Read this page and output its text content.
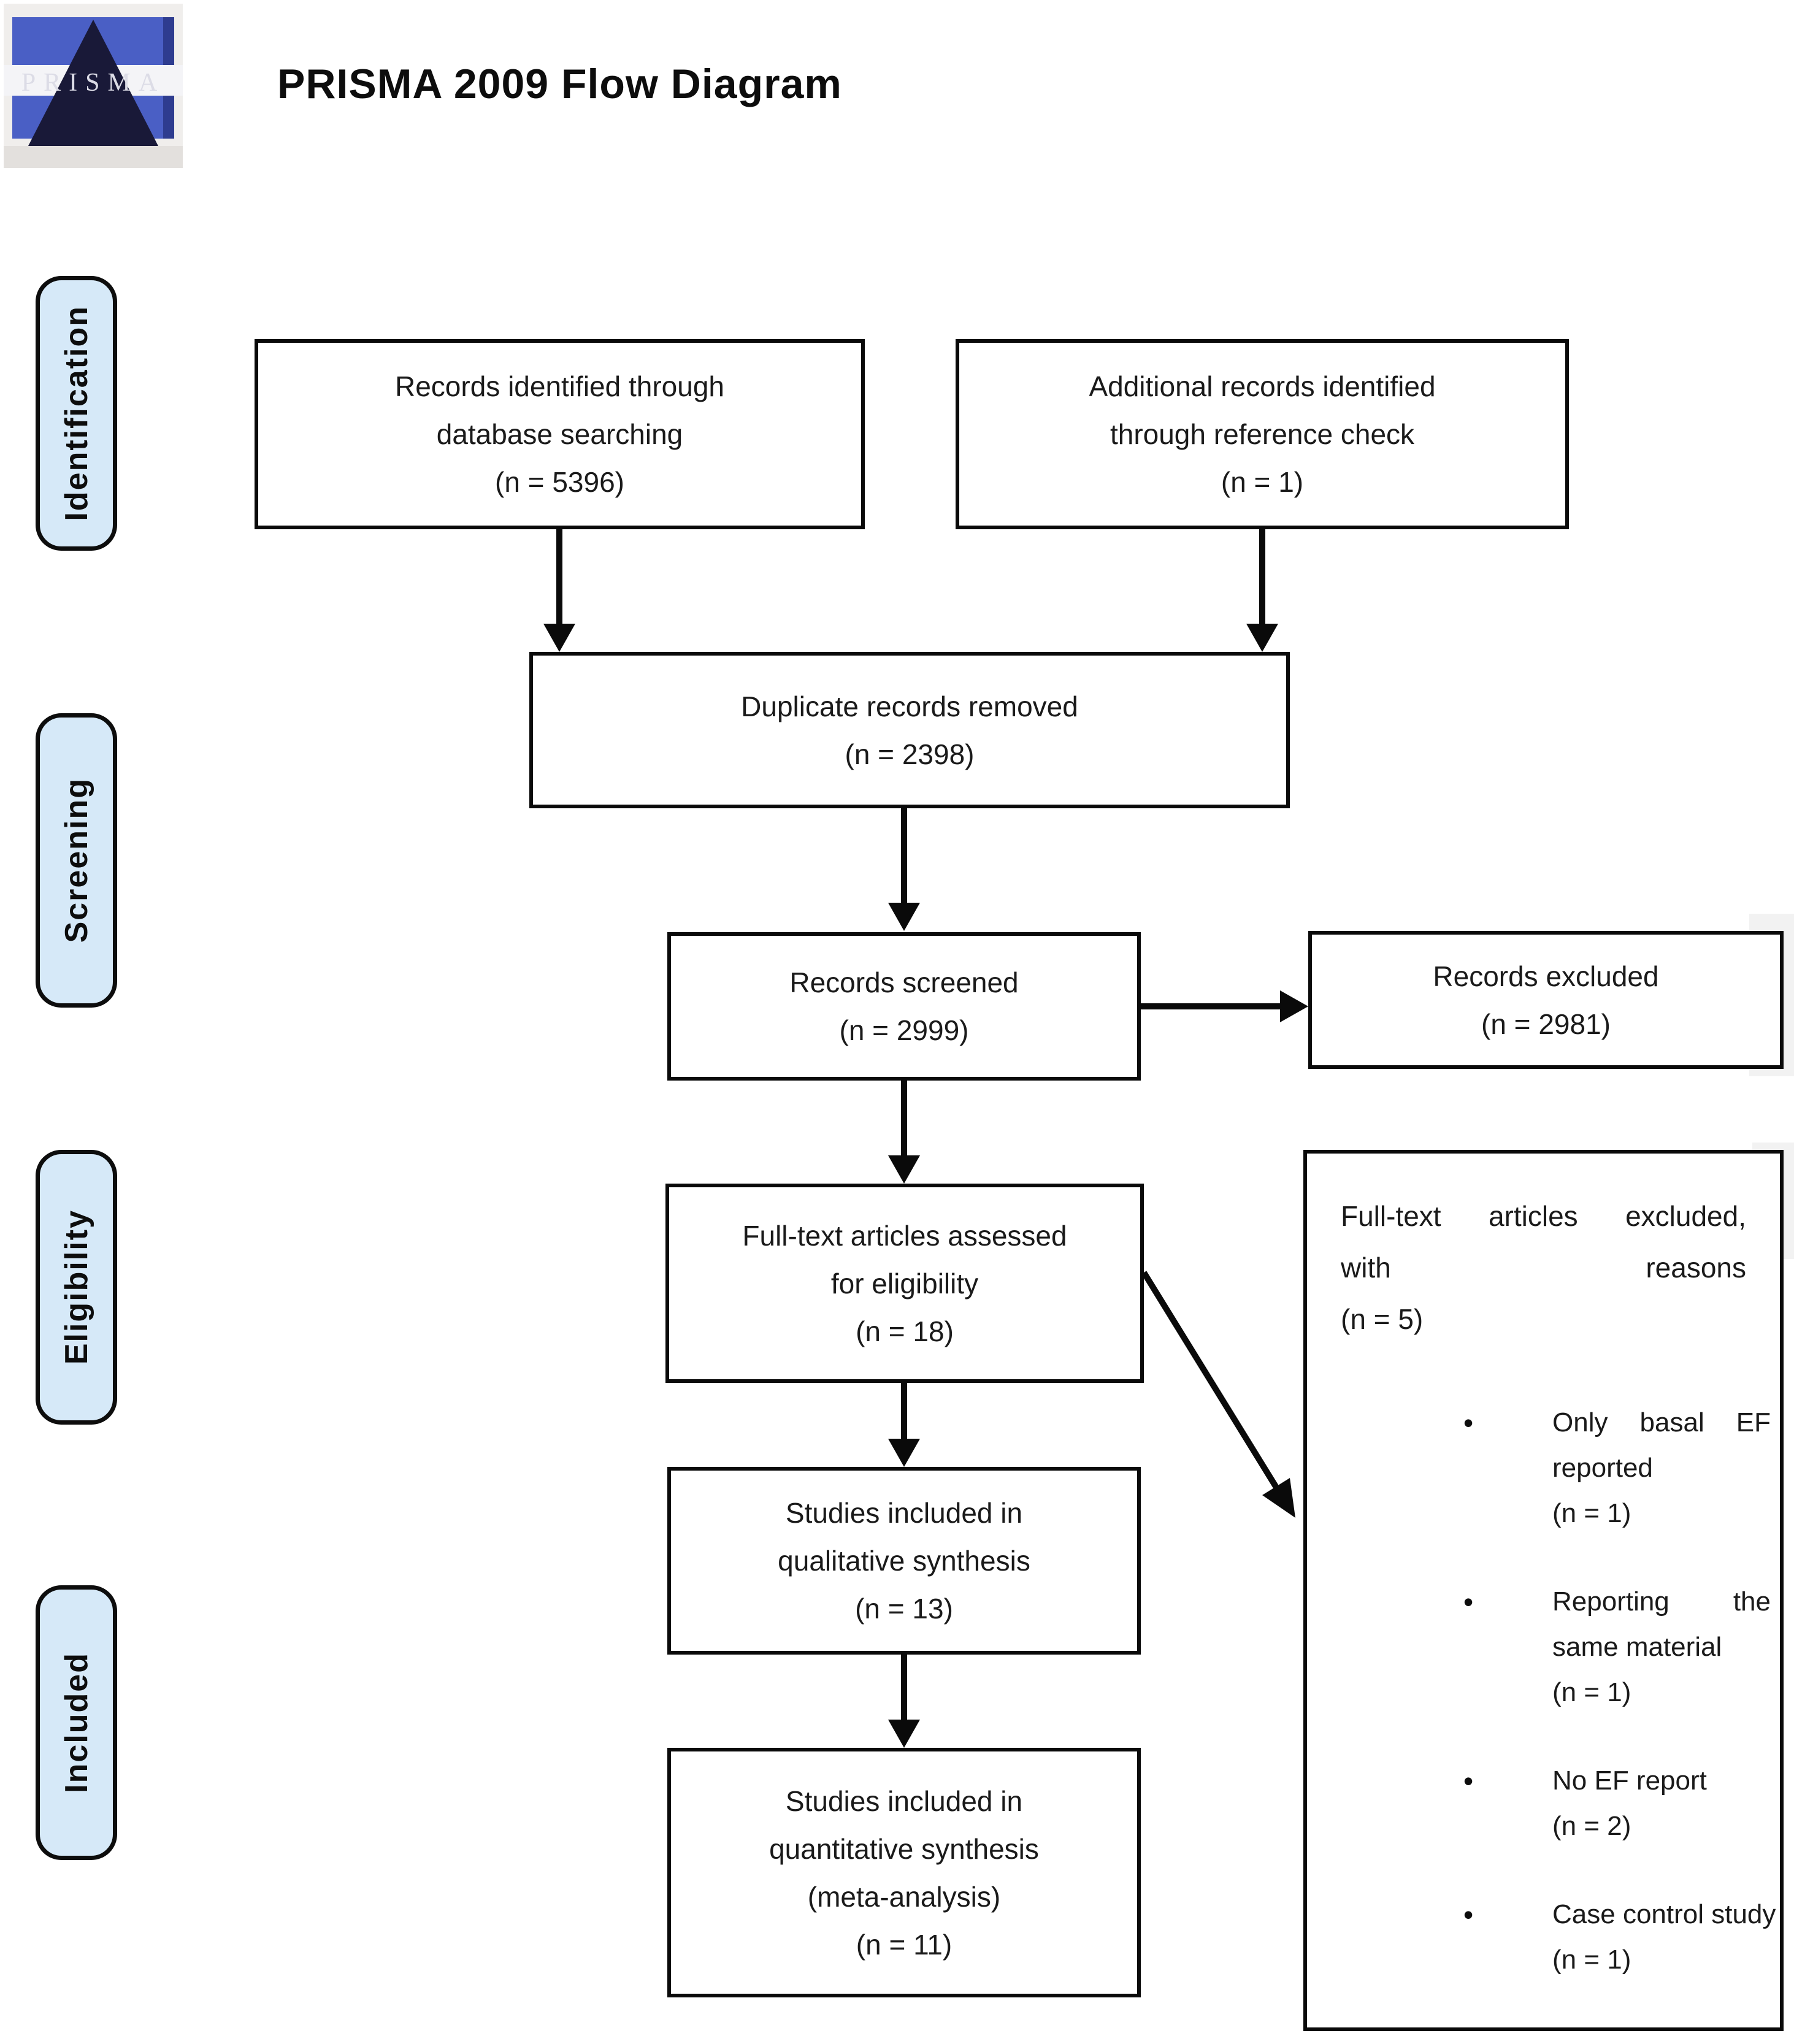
PRISMA	PRISMA 2009 Flow Diagram
Identification
Screening
Eligibility
Included
Records identified through
database searching
(n = 5396)
Additional records identified
through reference check
(n = 1)
Duplicate records removed
(n = 2398)
Records screened
(n = 2999)
Records excluded
(n = 2981)
Full-text articles assessed
for eligibility
(n = 18)
Studies included in
qualitative synthesis
(n = 13)
Studies included in
quantitative synthesis
(meta-analysis)
(n = 11)
Full-text articles excluded,
with	reasons
(n = 5)
•	Only basal EF
reported
(n = 1)
•	Reporting the
same material
(n = 1)
•	No EF report
(n = 2)
•	Case control study
(n = 1)
